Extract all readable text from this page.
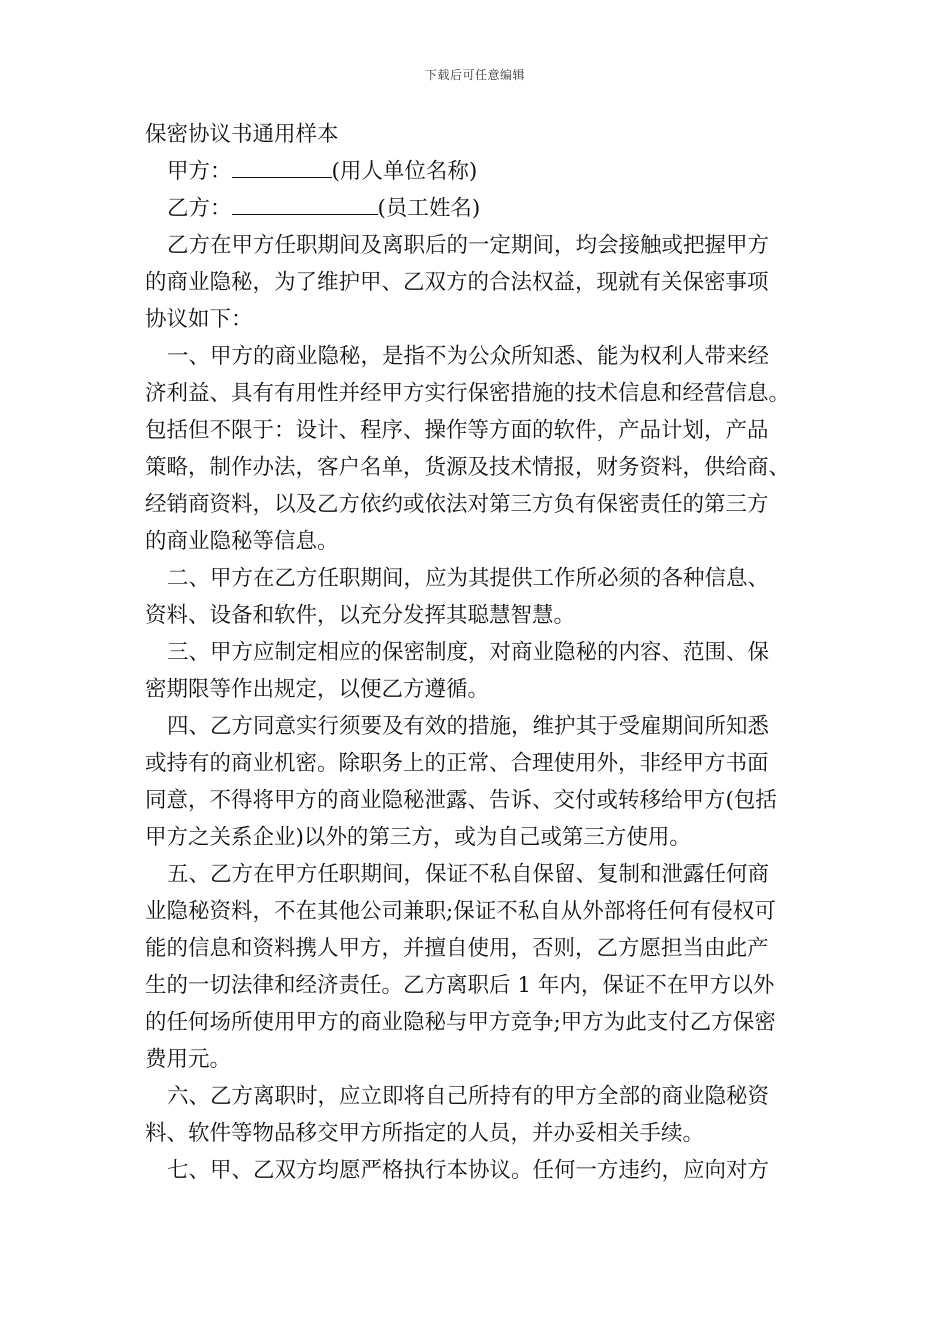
下载后可任意编辑
保密协议书通用样本
甲方：	(用人单位名称)
乙方：	(员工姓名)
乙方在甲方任职期间及离职后的一定期间，均会接触或把握甲方
的商业隐秘，为了维护甲、乙双方的合法权益，现就有关保密事项
协议如下：
一、甲方的商业隐秘，是指不为公众所知悉、能为权利人带来经
济利益、具有有用性并经甲方实行保密措施的技术信息和经营信息。
包括但不限于：设计、程序、操作等方面的软件，产品计划，产品
策略，制作办法，客户名单，货源及技术情报，财务资料，供给商、
经销商资料，以及乙方依约或依法对第三方负有保密责任的第三方
的商业隐秘等信息。
二、甲方在乙方任职期间，应为其提供工作所必须的各种信息、
资料、设备和软件，以充分发挥其聪慧智慧。
三、甲方应制定相应的保密制度，对商业隐秘的内容、范围、保
密期限等作出规定，以便乙方遵循。
四、乙方同意实行须要及有效的措施，维护其于受雇期间所知悉
或持有的商业机密。除职务上的正常、合理使用外，非经甲方书面
同意，不得将甲方的商业隐秘泄露、告诉、交付或转移给甲方(包括
甲方之关系企业)以外的第三方，或为自己或第三方使用。
五、乙方在甲方任职期间，保证不私自保留、复制和泄露任何商
业隐秘资料，不在其他公司兼职;保证不私自从外部将任何有侵权可
能的信息和资料携人甲方，并擅自使用，否则，乙方愿担当由此产
生的一切法律和经济责任。乙方离职后 1 年内，保证不在甲方以外
的任何场所使用甲方的商业隐秘与甲方竞争;甲方为此支付乙方保密
费用元。
六、乙方离职时，应立即将自己所持有的甲方全部的商业隐秘资
料、软件等物品移交甲方所指定的人员，并办妥相关手续。
七、甲、乙双方均愿严格执行本协议。任何一方违约，应向对方
